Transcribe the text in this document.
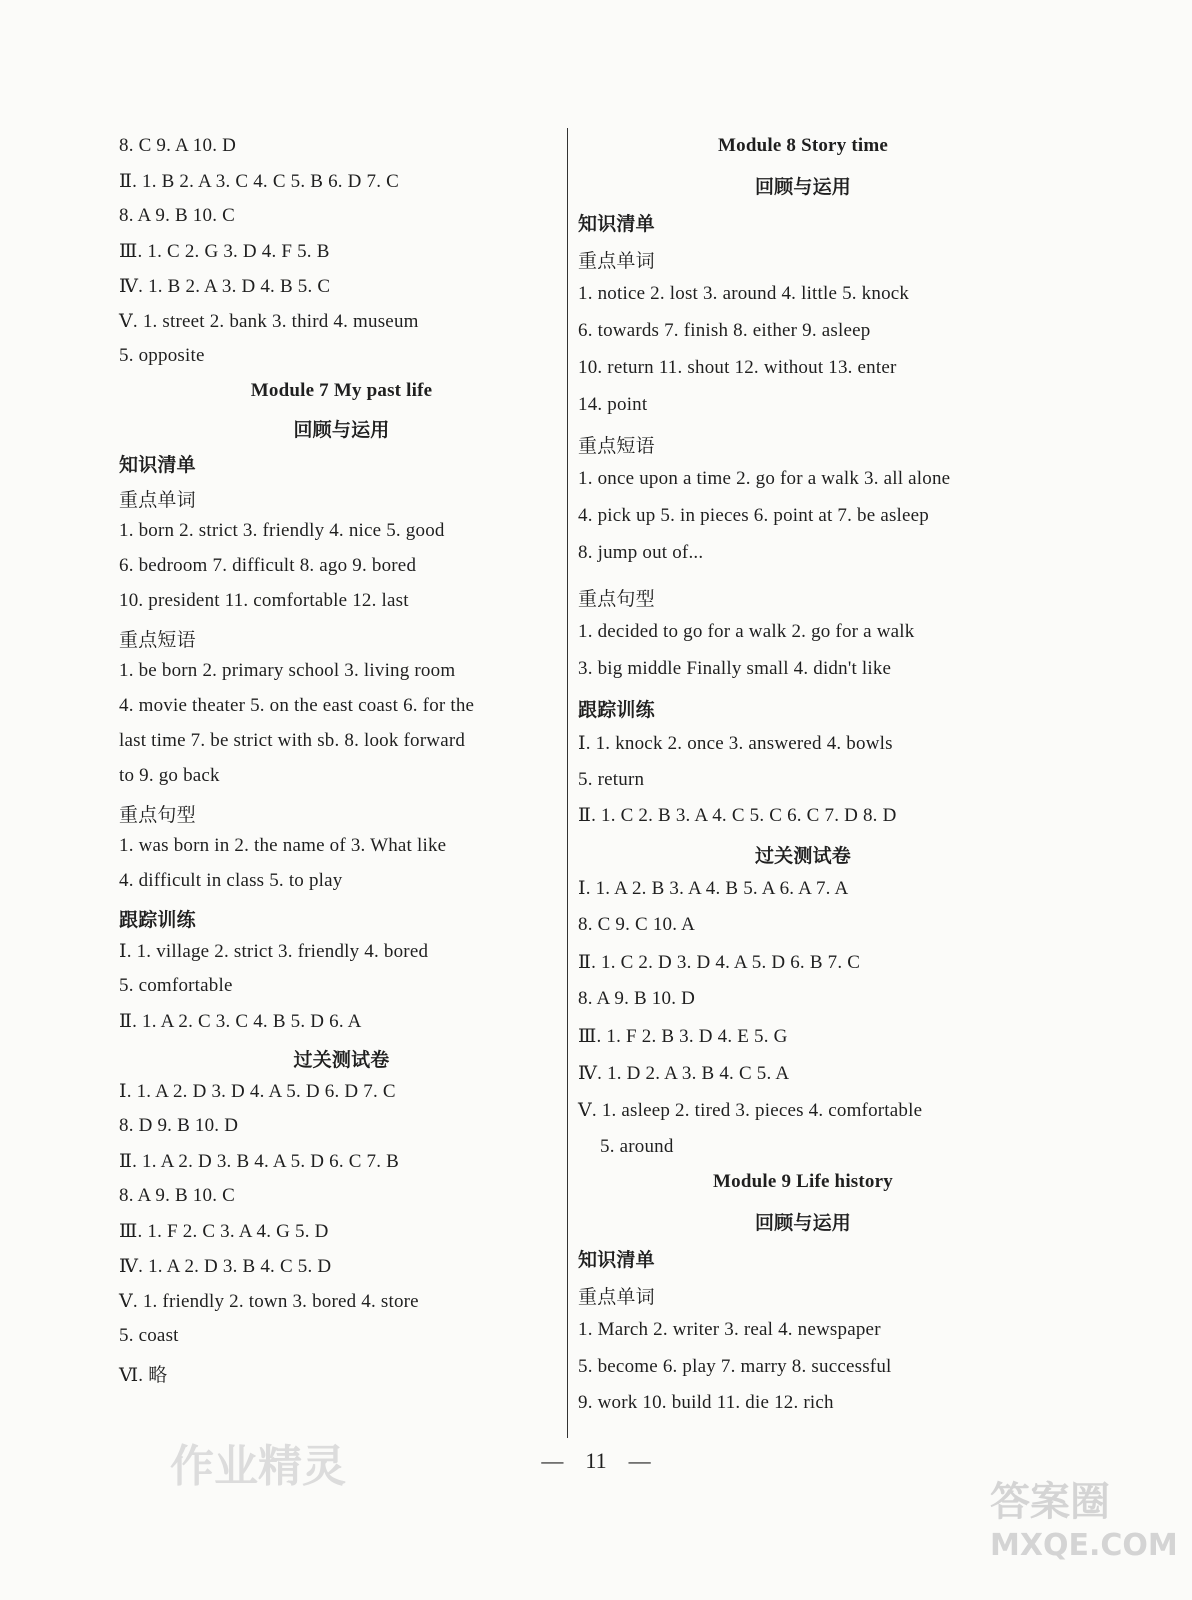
8. C 9. A 10. D
Ⅱ. 1. B 2. A 3. C 4. C 5. B 6. D 7. C
8. A 9. B 10. C
Ⅲ. 1. C 2. G 3. D 4. F 5. B
Ⅳ. 1. B 2. A 3. D 4. B 5. C
Ⅴ. 1. street 2. bank 3. third 4. museum
5. opposite
Module 7 My past life
回顾与运用
知识清单
重点单词
1. born 2. strict 3. friendly 4. nice 5. good
6. bedroom 7. difficult 8. ago 9. bored
10. president 11. comfortable 12. last
重点短语
1. be born 2. primary school 3. living room
4. movie theater 5. on the east coast 6. for the
last time 7. be strict with sb. 8. look forward
to 9. go back
重点句型
1. was born in 2. the name of 3. What like
4. difficult in class 5. to play
跟踪训练
Ⅰ. 1. village 2. strict 3. friendly 4. bored
5. comfortable
Ⅱ. 1. A 2. C 3. C 4. B 5. D 6. A
过关测试卷
Ⅰ. 1. A 2. D 3. D 4. A 5. D 6. D 7. C
8. D 9. B 10. D
Ⅱ. 1. A 2. D 3. B 4. A 5. D 6. C 7. B
8. A 9. B 10. C
Ⅲ. 1. F 2. C 3. A 4. G 5. D
Ⅳ. 1. A 2. D 3. B 4. C 5. D
Ⅴ. 1. friendly 2. town 3. bored 4. store
5. coast
Ⅵ. 略
Module 8 Story time
回顾与运用
知识清单
重点单词
1. notice 2. lost 3. around 4. little 5. knock
6. towards 7. finish 8. either 9. asleep
10. return 11. shout 12. without 13. enter
14. point
重点短语
1. once upon a time 2. go for a walk 3. all alone
4. pick up 5. in pieces 6. point at 7. be asleep
8. jump out of...
重点句型
1. decided to go for a walk 2. go for a walk
3. big middle Finally small 4. didn't like
跟踪训练
Ⅰ. 1. knock 2. once 3. answered 4. bowls
5. return
Ⅱ. 1. C 2. B 3. A 4. C 5. C 6. C 7. D 8. D
过关测试卷
Ⅰ. 1. A 2. B 3. A 4. B 5. A 6. A 7. A
8. C 9. C 10. A
Ⅱ. 1. C 2. D 3. D 4. A 5. D 6. B 7. C
8. A 9. B 10. D
Ⅲ. 1. F 2. B 3. D 4. E 5. G
Ⅳ. 1. D 2. A 3. B 4. C 5. A
Ⅴ. 1. asleep 2. tired 3. pieces 4. comfortable
5. around
Module 9 Life history
回顾与运用
知识清单
重点单词
1. March 2. writer 3. real 4. newspaper
5. become 6. play 7. marry 8. successful
9. work 10. build 11. die 12. rich
— 11 —
作业精灵
答案圈
MXQE.COM
